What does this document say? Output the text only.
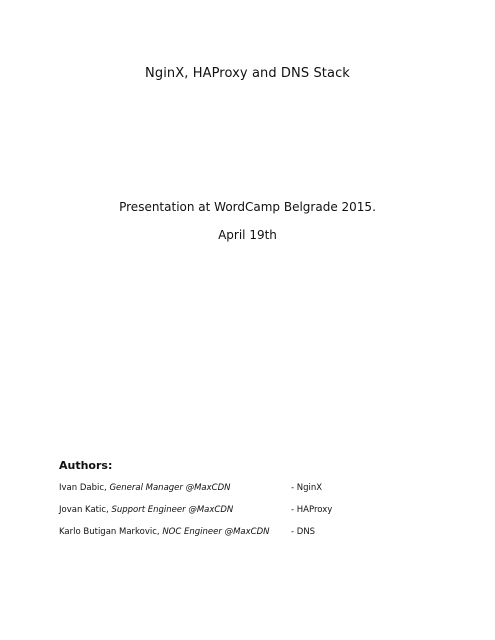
NginX, HAProxy and DNS Stack
Presentation at WordCamp Belgrade 2015.
April 19th
Authors:
Ivan Dabic, General Manager @MaxCDN	- NginX
Jovan Katic, Support Engineer @MaxCDN	- HAProxy
Karlo Butigan Markovic, NOC Engineer @MaxCDN	- DNS
